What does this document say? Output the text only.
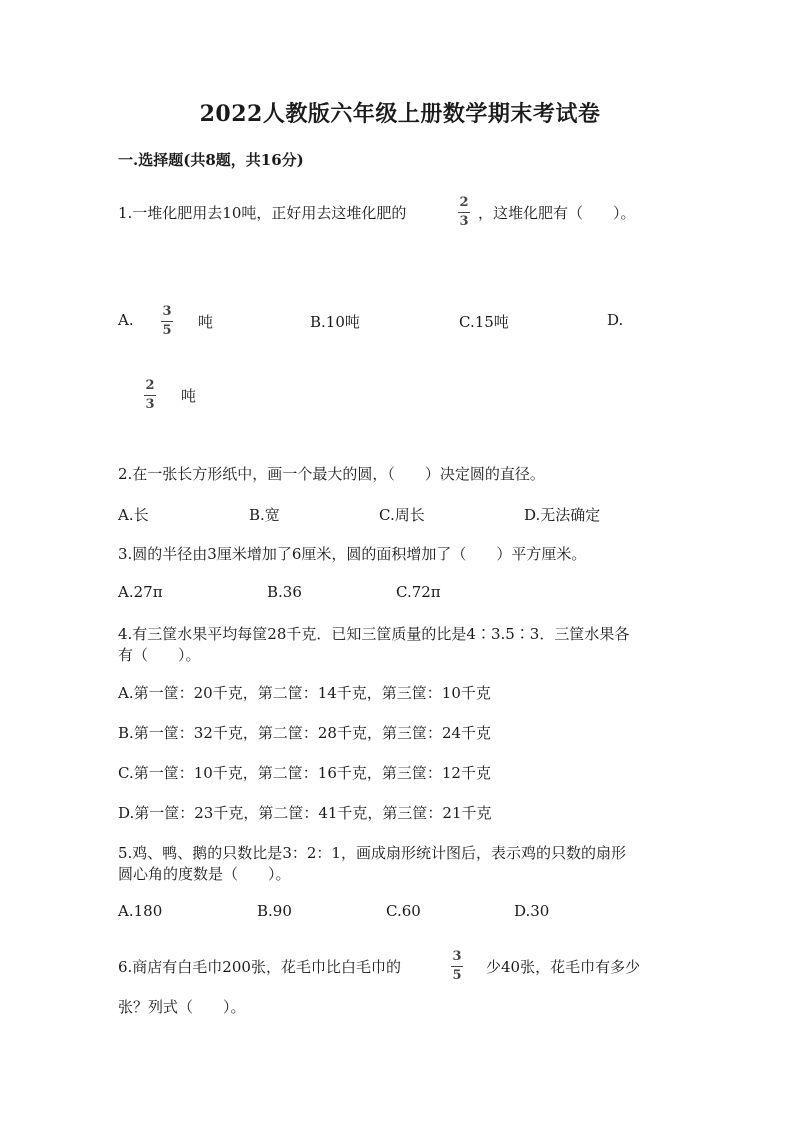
2022人教版六年级上册数学期末考试卷
一.选择题(共8题，共16分)
1.一堆化肥用去10吨，正好用去这堆化肥的
2
3 ，这堆化肥有（　　）。
A. 3
5 吨	B.10吨	C.15吨	D.
2
3 吨
2.在一张长方形纸中，画一个最大的圆，（　　）决定圆的直径。
A.长	B.宽	C.周长	D.无法确定
3.圆的半径由3厘米增加了6厘米，圆的面积增加了（　　）平方厘米。
A.27π	B.36	C.72π
4.有三筐水果平均每筐28千克．已知三筐质量的比是4∶3.5∶3．三筐水果各
有（　　）。
A.第一筐：20千克，第二筐：14千克，第三筐：10千克
B.第一筐：32千克，第二筐：28千克，第三筐：24千克
C.第一筐：10千克，第二筐：16千克，第三筐：12千克
D.第一筐：23千克，第二筐：41千克，第三筐：21千克
5.鸡、鸭、鹅的只数比是3：2：1，画成扇形统计图后，表示鸡的只数的扇形
圆心角的度数是（　　）。
A.180	B.90	C.60	D.30
6.商店有白毛巾200张，花毛巾比白毛巾的
3
5 少40张，花毛巾有多少
张？列式（　　）。
